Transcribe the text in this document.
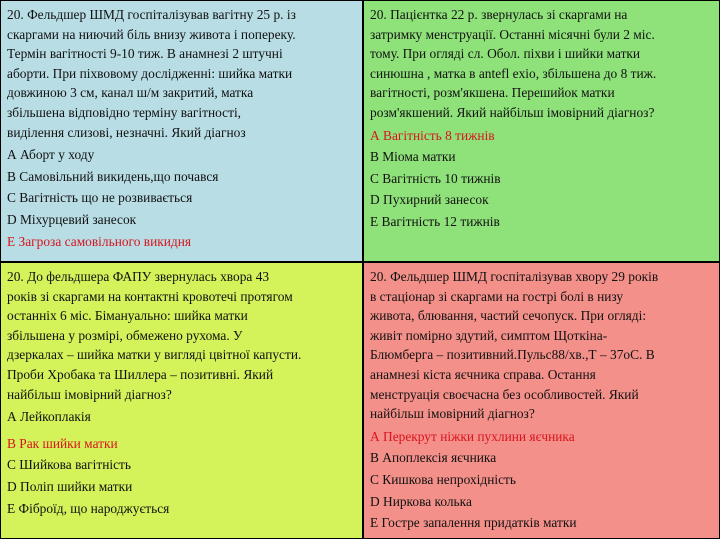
20. Фельдшер ШМД госпіталізував вагітну 25 р. із
скаргами на ниючий біль внизу живота і попереку.
Термін вагітності 9-10 тиж. В анамнезі 2 штучні
аборти. При піхвовому дослідженні: шийка матки
довжиною 3 см, канал ш/м закритий, матка
збільшена відповідно терміну вагітності,
виділення слизові, незначні. Який діагноз

А Аборт у ходу

В Самовільний викидень,що почався

С Вагітність що не розвивається

D Міхурцевий занесок

Е Загроза самовільного викидня

20. Пацієнтка 22 р. звернулась зі скаргами на
затримку менструації. Останні місячні були 2 міс.
тому. При огляді сл. Обол. піхви і шийки матки
синюшна , матка в antefl exio, збільшена до 8 тиж.
вагітності, розм'якшена. Перешийок матки
розм'якшений. Який найбільш імовірний діагноз?

А Вагітність 8 тижнів

В Міома матки

С Вагітність 10 тижнів

D Пухирний занесок

Е Вагітність 12 тижнів

20. До фельдшера ФАПУ звернулась хвора 43
років зі скаргами на контактні кровотечі протягом
останніх 6 міс. Бімануально: шийка матки
збільшена у розмірі, обмежено рухома. У
дзеркалах – шийка матки у вигляді цвітної капусти.
Проби Хробака та Шиллера – позитивні. Який
найбільш імовірний діагноз?

А Лейкоплакія

В Рак шийки матки

С Шийкова вагітність

D Поліп шийки матки

Е Фіброїд, що народжується

20. Фельдшер ШМД госпіталізував хвору 29 років
в стаціонар зі скаргами на гострі болі в низу
живота, блювання, частий сечопуск. При огляді:
живіт помірно здутий, симптом Щоткіна-
Блюмберга – позитивний.Пульс88/хв.,Т – 37оС. В
анамнезі кіста яєчника справа. Остання
менструація своєчасна без особливостей. Який
найбільш імовірний діагноз?

А Перекрут ніжки пухлини яєчника

В Апоплексія яєчника

С Кишкова непрохідність

D Ниркова колька

Е Гостре запалення придатків матки
